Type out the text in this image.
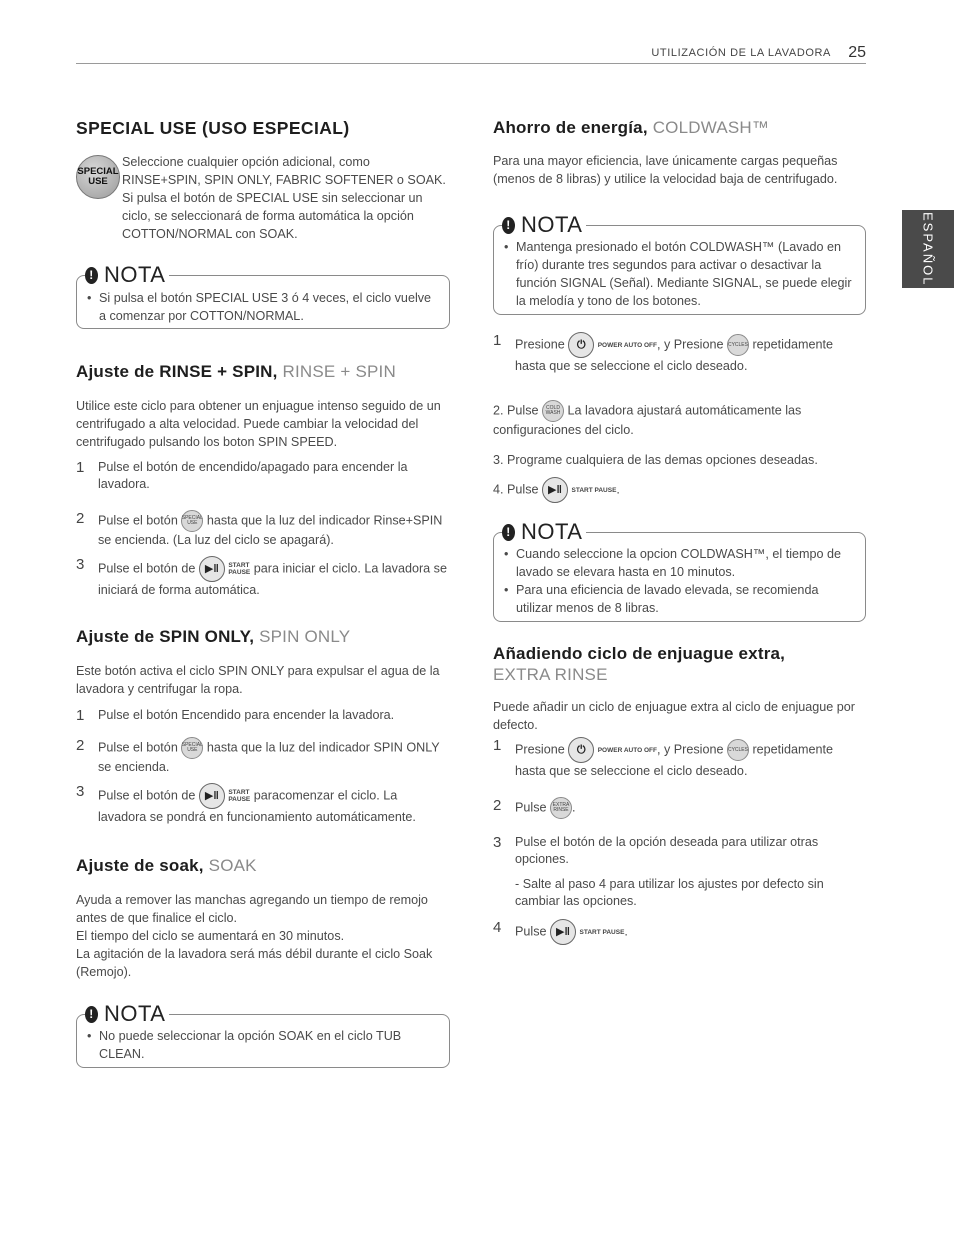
UTILIZACIÓN DE LA LAVADORA 25
ESPAÑOL
SPECIAL USE (USO ESPECIAL)
SPECIAL USE

Seleccione cualquier opción adicional, como RINSE+SPIN, SPIN ONLY, FABRIC SOFTENER o SOAK. Si pulsa el botón de SPECIAL USE sin seleccionar un ciclo, se seleccionará de forma automática la opción COTTON/NORMAL con SOAK.

! NOTA
• Si pulsa el botón SPECIAL USE 3 ó 4 veces, el ciclo vuelve a comenzar por COTTON/NORMAL.
Ajuste de RINSE + SPIN, RINSE + SPIN

Utilice este ciclo para obtener un enjuague intenso seguido de un centrifugado a alta velocidad. Puede cambiar la velocidad del centrifugado pulsando los boton SPIN SPEED.

1 Pulse el botón de encendido/apagado para encender la lavadora.
2 Pulse el botón SPECIAL
USE hasta que la luz del indicador Rinse+SPIN se encienda. (La luz del ciclo se apagará).
3 Pulse el botón de ▶‖ START
PAUSE para iniciar el ciclo. La lavadora se iniciará de forma automática.
Ajuste de SPIN ONLY, SPIN ONLY

Este botón activa el ciclo SPIN ONLY para expulsar el agua de la lavadora y centrifugar la ropa.

1 Pulse el botón Encendido para encender la lavadora.
2 Pulse el botón SPECIAL
USE hasta que la luz del indicador SPIN ONLY se encienda.
3 Pulse el botón de ▶‖ START
PAUSE paracomenzar el ciclo. La lavadora se pondrá en funcionamiento automáticamente.
Ajuste de soak, SOAK

Ayuda a remover las manchas agregando un tiempo de remojo antes de que finalice el ciclo.

El tiempo del ciclo se aumentará en 30 minutos.

La agitación de la lavadora será más débil durante el ciclo Soak (Remojo).

! NOTA
• No puede seleccionar la opción SOAK en el ciclo TUB CLEAN.
Ahorro de energía, COLDWASH™

Para una mayor eficiencia, lave únicamente cargas pequeñas (menos de 8 libras) y utilice la velocidad baja de centrifugado.

! NOTA
• Mantenga presionado el botón COLDWASH™ (Lavado en frío) durante tres segundos para activar o desactivar la función SIGNAL (Señal). Mediante SIGNAL, se puede elegir la melodía y tono de los botones.
1 Presione ⏻ POWER AUTO OFF, y Presione CYCLES repetidamente hasta que se seleccione el ciclo deseado.
2. Pulse COLD
WASH La lavadora ajustará automáticamente las configuraciones del ciclo.
3. Programe cualquiera de las demas opciones deseadas.
4. Pulse ▶‖ START PAUSE.
! NOTA
• Cuando seleccione la opcion COLDWASH™, el tiempo de lavado se elevara hasta en 10 minutos.
• Para una eficiencia de lavado elevada, se recomienda utilizar menos de 8 libras.
Añadiendo ciclo de enjuague extra,
EXTRA RINSE

Puede añadir un ciclo de enjuague extra al ciclo de enjuague por defecto.

1 Presione ⏻ POWER AUTO OFF, y Presione CYCLES repetidamente hasta que se seleccione el ciclo deseado.
2 Pulse EXTRA
RINSE .
3 Pulse el botón de la opción deseada para utilizar otras opciones.
- Salte al paso 4 para utilizar los ajustes por defecto sin cambiar las opciones.
4 Pulse ▶‖ START PAUSE.
